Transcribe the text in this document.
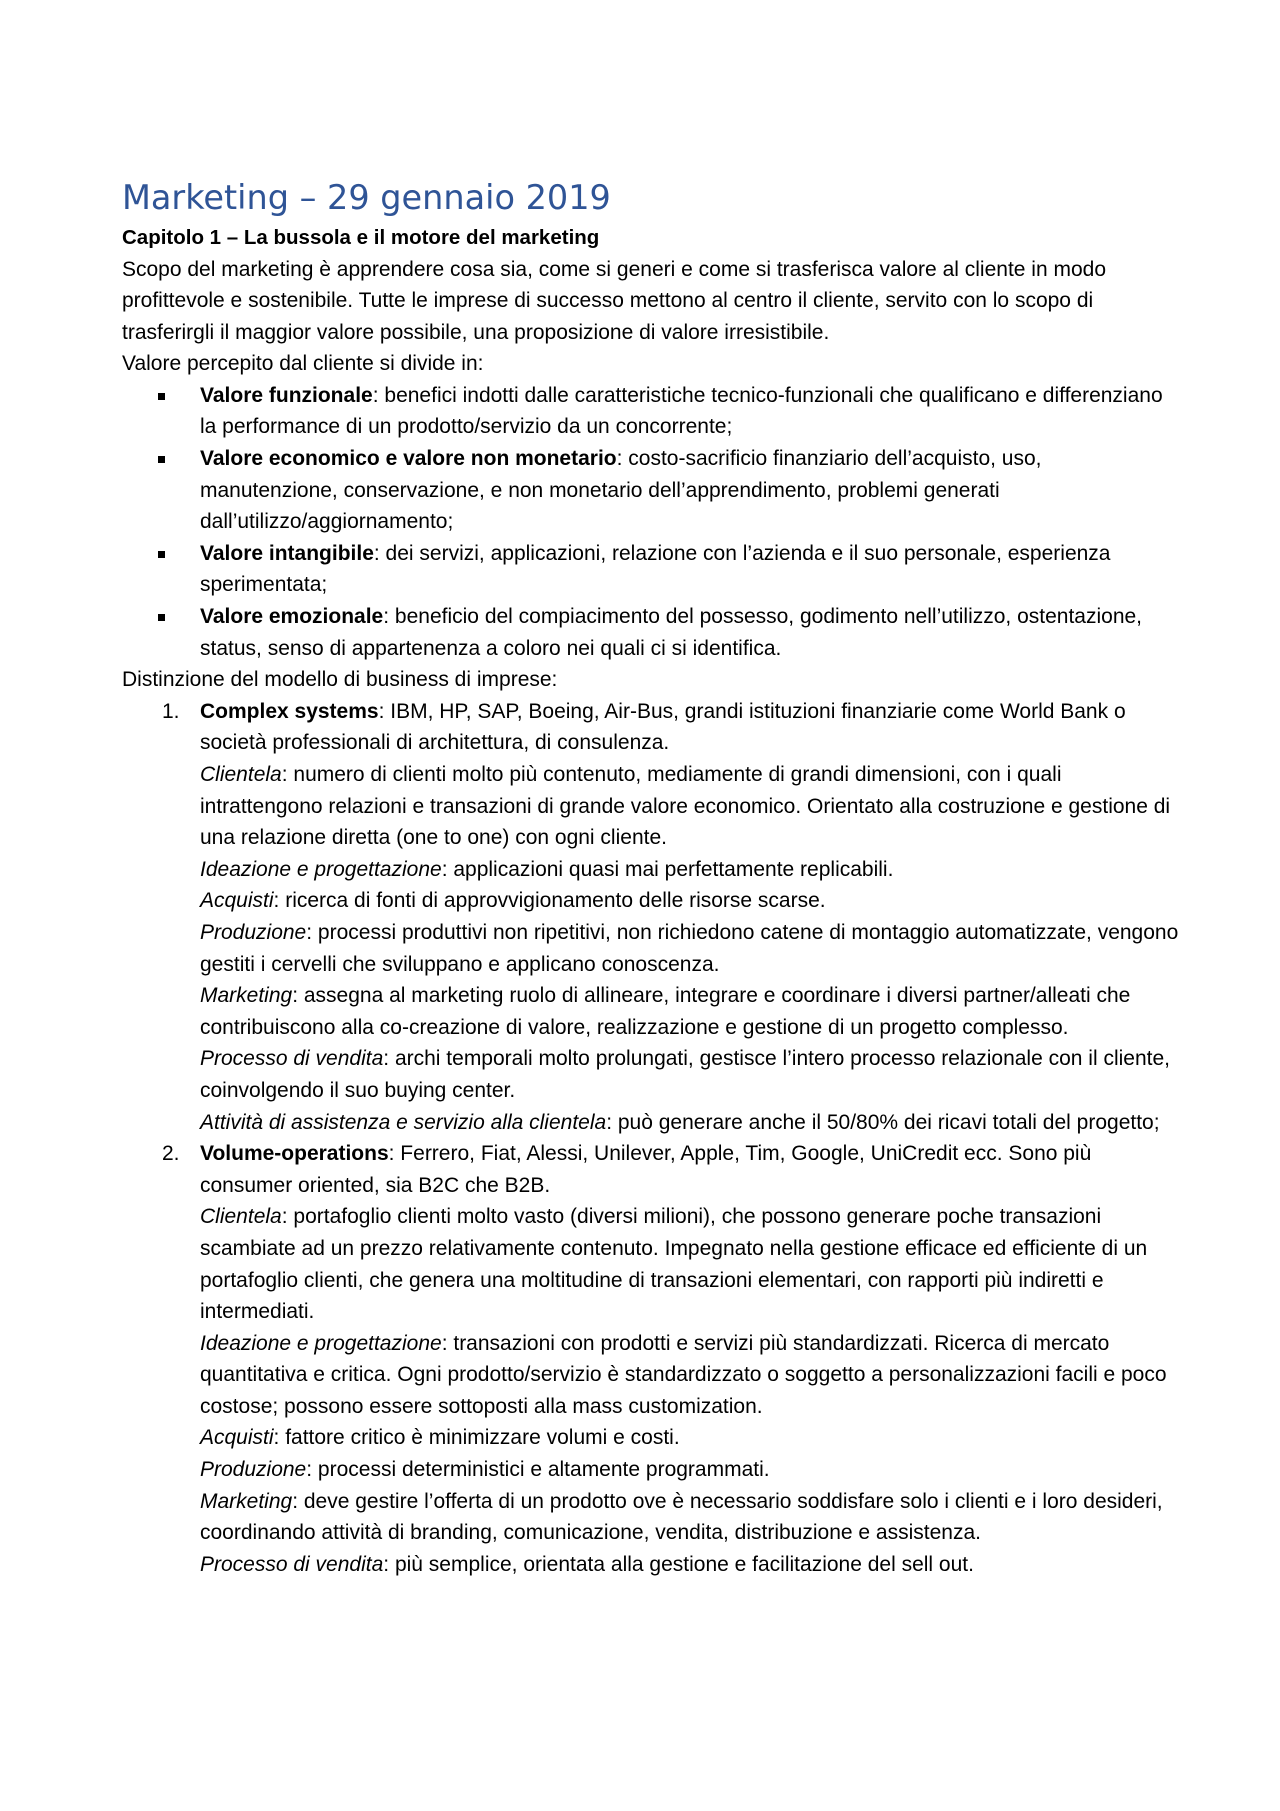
Marketing – 29 gennaio 2019
Capitolo 1 – La bussola e il motore del marketing

Scopo del marketing è apprendere cosa sia, come si generi e come si trasferisca valore al cliente in modo profittevole e sostenibile. Tutte le imprese di successo mettono al centro il cliente, servito con lo scopo di trasferirgli il maggior valore possibile, una proposizione di valore irresistibile.

Valore percepito dal cliente si divide in:

Valore funzionale: benefici indotti dalle caratteristiche tecnico-funzionali che qualificano e differenziano la performance di un prodotto/servizio da un concorrente;
Valore economico e valore non monetario: costo-sacrificio finanziario dell’acquisto, uso, manutenzione, conservazione, e non monetario dell’apprendimento, problemi generati dall’utilizzo/aggiornamento;
Valore intangibile: dei servizi, applicazioni, relazione con l’azienda e il suo personale, esperienza sperimentata;
Valore emozionale: beneficio del compiacimento del possesso, godimento nell’utilizzo, ostentazione, status, senso di appartenenza a coloro nei quali ci si identifica.

Distinzione del modello di business di imprese:

1. Complex systems: IBM, HP, SAP, Boeing, Air-Bus, grandi istituzioni finanziarie come World Bank o società professionali di architettura, di consulenza.
Clientela: numero di clienti molto più contenuto, mediamente di grandi dimensioni, con i quali intrattengono relazioni e transazioni di grande valore economico. Orientato alla costruzione e gestione di una relazione diretta (one to one) con ogni cliente.
Ideazione e progettazione: applicazioni quasi mai perfettamente replicabili.
Acquisti: ricerca di fonti di approvvigionamento delle risorse scarse.
Produzione: processi produttivi non ripetitivi, non richiedono catene di montaggio automatizzate, vengono gestiti i cervelli che sviluppano e applicano conoscenza.
Marketing: assegna al marketing ruolo di allineare, integrare e coordinare i diversi partner/alleati che contribuiscono alla co-creazione di valore, realizzazione e gestione di un progetto complesso.
Processo di vendita: archi temporali molto prolungati, gestisce l’intero processo relazionale con il cliente, coinvolgendo il suo buying center.
Attività di assistenza e servizio alla clientela: può generare anche il 50/80% dei ricavi totali del progetto;
2. Volume-operations: Ferrero, Fiat, Alessi, Unilever, Apple, Tim, Google, UniCredit ecc. Sono più consumer oriented, sia B2C che B2B.
Clientela: portafoglio clienti molto vasto (diversi milioni), che possono generare poche transazioni scambiate ad un prezzo relativamente contenuto. Impegnato nella gestione efficace ed efficiente di un portafoglio clienti, che genera una moltitudine di transazioni elementari, con rapporti più indiretti e intermediati.
Ideazione e progettazione: transazioni con prodotti e servizi più standardizzati. Ricerca di mercato quantitativa e critica. Ogni prodotto/servizio è standardizzato o soggetto a personalizzazioni facili e poco costose; possono essere sottoposti alla mass customization.
Acquisti: fattore critico è minimizzare volumi e costi.
Produzione: processi deterministici e altamente programmati.
Marketing: deve gestire l’offerta di un prodotto ove è necessario soddisfare solo i clienti e i loro desideri, coordinando attività di branding, comunicazione, vendita, distribuzione e assistenza.
Processo di vendita: più semplice, orientata alla gestione e facilitazione del sell out.
